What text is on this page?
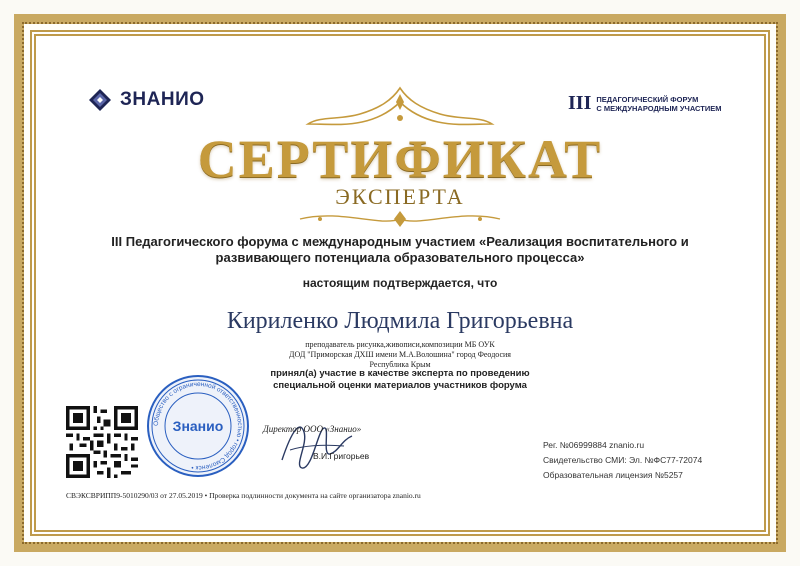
ЗНАНИО	III ПЕДАГОГИЧЕСКИЙ ФОРУМ
С МЕЖДУНАРОДНЫМ УЧАСТИЕМ
СЕРТИФИКАТ
ЭКСПЕРТА
III Педагогического форума с международным участием «Реализация воспитательного и
развивающего потенциала образовательного процесса»
настоящим подтверждается, что
Кириленко Людмила Григорьевна
преподаватель рисунка,живописи,композиции МБ ОУК
ДОД "Приморская ДХШ имени М.А.Волошина" город Феодосия
Республика Крым
принял(а) участие в качестве эксперта по проведению
специальной оценки материалов участников форума
Общество с ограниченной ответственностью • город Смоленск •
Знанио	Директор ООО «Знанио»
В.И.Григорьев
Рег. №06999884 znanio.ru
Свидетельство СМИ: Эл. №ФС77-72074
Образовательная лицензия №5257
СВЭКСВРИПП9-5010290/03 от 27.05.2019 • Проверка подлинности документа на сайте организатора znanio.ru
